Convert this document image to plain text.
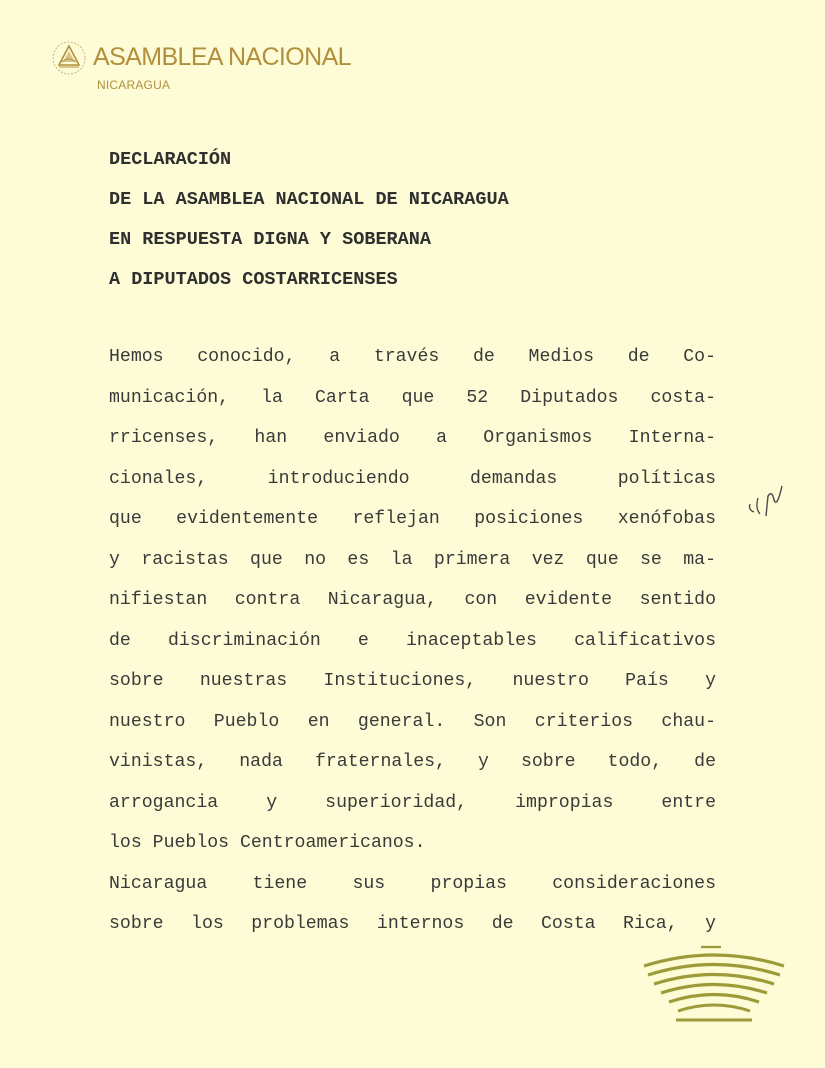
ASAMBLEA NACIONAL
NICARAGUA
DECLARACIÓN
DE LA ASAMBLEA NACIONAL DE NICARAGUA
EN RESPUESTA DIGNA Y SOBERANA
A DIPUTADOS COSTARRICENSES
Hemos conocido, a través de Medios de Co-
municación, la Carta que 52 Diputados costa-
rricenses, han enviado a Organismos Interna-
cionales, introduciendo demandas políticas
que evidentemente reflejan posiciones xenófobas
y racistas que no es la primera vez que se ma-
nifiestan contra Nicaragua, con evidente sentido
de discriminación e inaceptables calificativos
sobre nuestras Instituciones, nuestro País y
nuestro Pueblo en general. Son criterios chau-
vinistas, nada fraternales, y sobre todo, de
arrogancia y superioridad, impropias entre
los Pueblos Centroamericanos.
Nicaragua tiene sus propias consideraciones
sobre los problemas internos de Costa Rica, y
